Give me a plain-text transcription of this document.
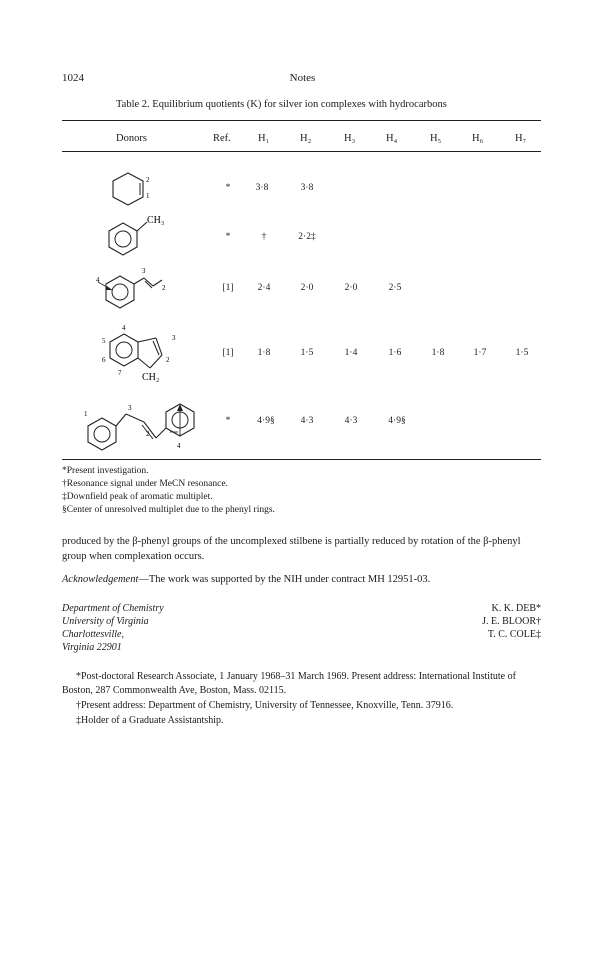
1024	Notes
Table 2. Equilibrium quotients (K) for silver ion complexes with hydrocarbons
Donors	Ref.	H₁	H₂	H₃	H₄	H₅	H₆	H₇
2
1
*	3·8	3·8
CH₃
*	†	2·2‡
4
3
2	[1]	2·4	2·0	2·0	2·5
4
5	3
6	2
7 CH₂
[1]	1·8	1·5	1·4	1·6	1·8	1·7	1·5
3
1
2
4
*	4·9§	4·3	4·3	4·9§
*Present investigation.
†Resonance signal under MeCN resonance.
‡Downfield peak of aromatic multiplet.
§Center of unresolved multiplet due to the phenyl rings.
produced by the β-phenyl groups of the uncomplexed stilbene is partially reduced by rotation of the β-phenyl group when complexation occurs.
Acknowledgement—The work was supported by the NIH under contract MH 12951-03.
Department of Chemistry
University of Virginia
Charlottesville,
Virginia 22901
K. K. DEB*
J. E. BLOOR†
T. C. COLE‡
*Post-doctoral Research Associate, 1 January 1968–31 March 1969. Present address: International Institute of Boston, 287 Commonwealth Ave, Boston, Mass. 02115.
†Present address: Department of Chemistry, University of Tennessee, Knoxville, Tenn. 37916.
‡Holder of a Graduate Assistantship.
